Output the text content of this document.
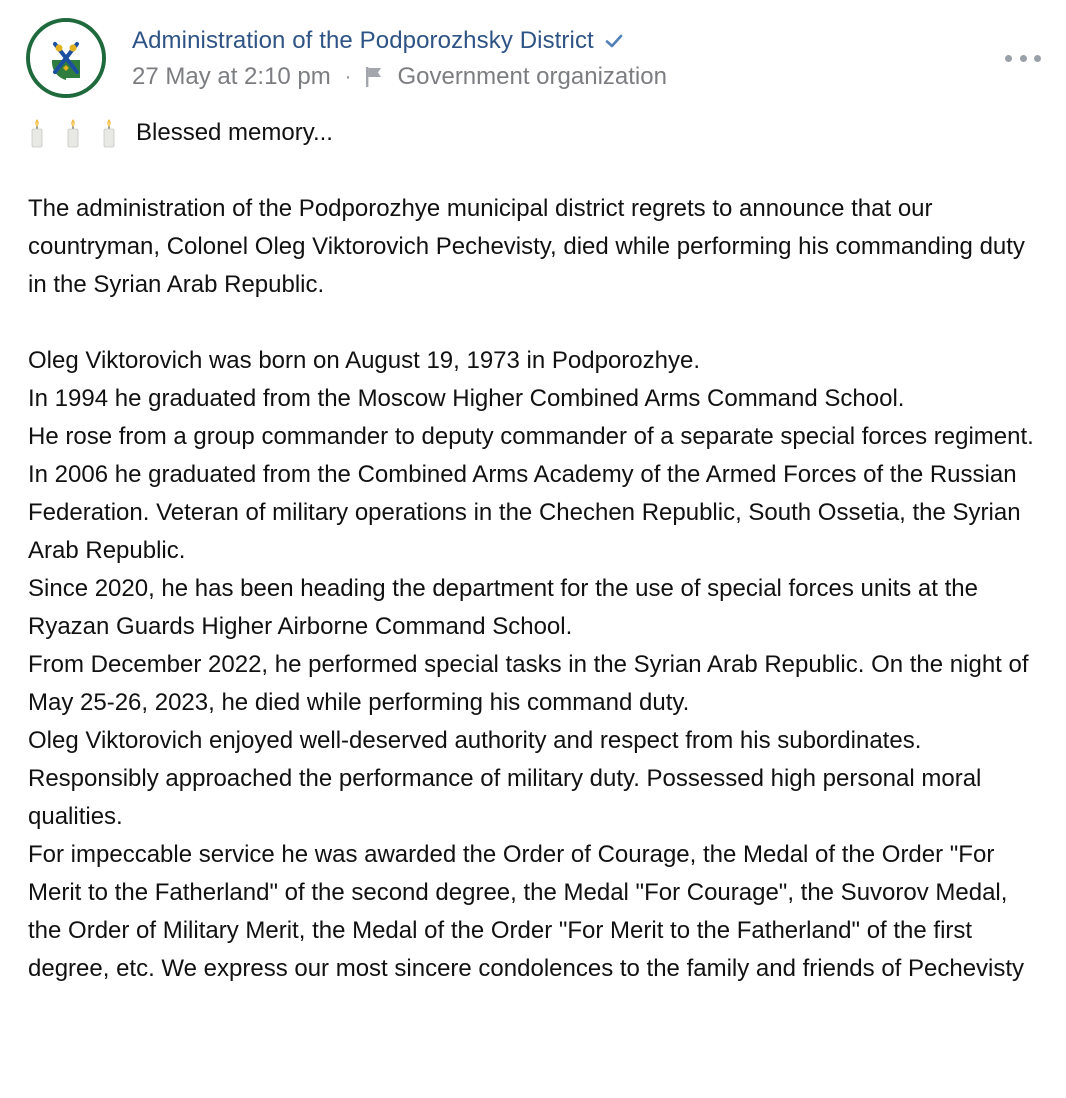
Administration of the Podporozhsky District
27 May at 2:10 pm · Government organization
Blessed memory...

The administration of the Podporozhye municipal district regrets to announce that our countryman, Colonel Oleg Viktorovich Pechevisty, died while performing his commanding duty in the Syrian Arab Republic.

Oleg Viktorovich was born on August 19, 1973 in Podporozhye.
In 1994 he graduated from the Moscow Higher Combined Arms Command School.
He rose from a group commander to deputy commander of a separate special forces regiment.
In 2006 he graduated from the Combined Arms Academy of the Armed Forces of the Russian Federation. Veteran of military operations in the Chechen Republic, South Ossetia, the Syrian Arab Republic.
Since 2020, he has been heading the department for the use of special forces units at the Ryazan Guards Higher Airborne Command School.
From December 2022, he performed special tasks in the Syrian Arab Republic. On the night of May 25-26, 2023, he died while performing his command duty.
Oleg Viktorovich enjoyed well-deserved authority and respect from his subordinates. Responsibly approached the performance of military duty. Possessed high personal moral qualities.
For impeccable service he was awarded the Order of Courage, the Medal of the Order "For Merit to the Fatherland" of the second degree, the Medal "For Courage", the Suvorov Medal, the Order of Military Merit, the Medal of the Order "For Merit to the Fatherland" of the first degree, etc. We express our most sincere condolences to the family and friends of Pechevisty
